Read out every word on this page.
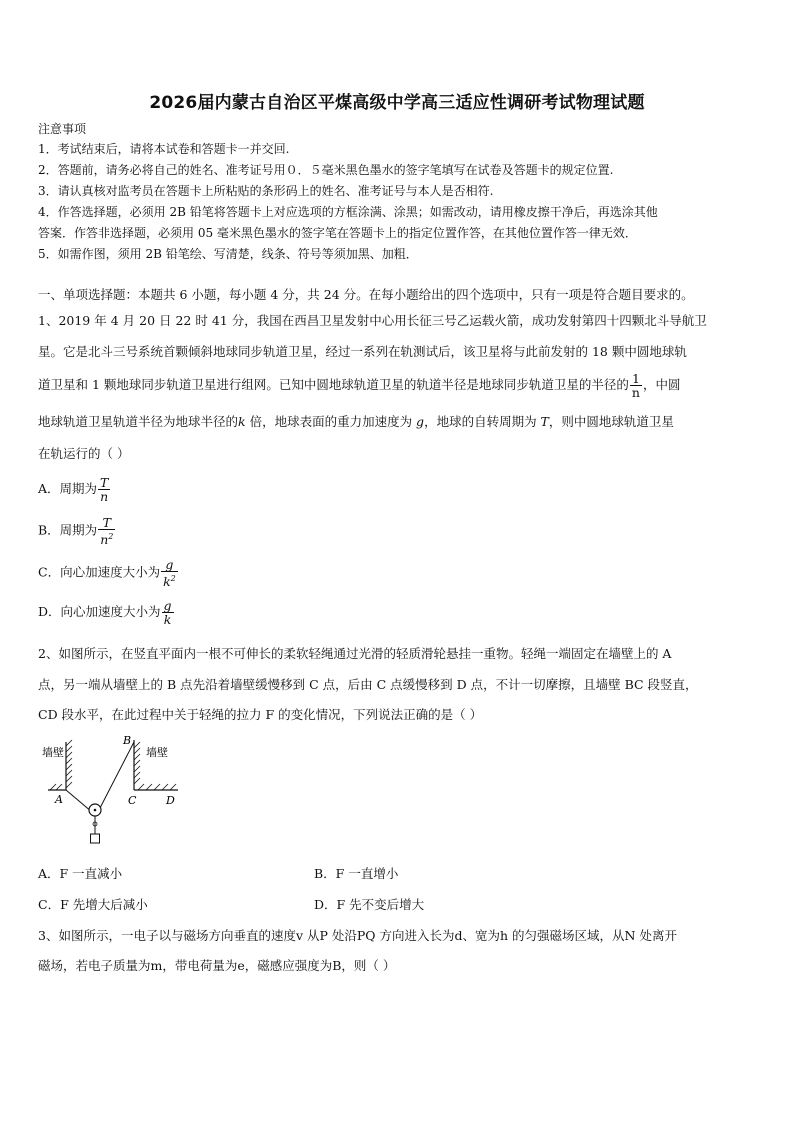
2026届内蒙古自治区平煤高级中学高三适应性调研考试物理试题
注意事项
1．考试结束后，请将本试卷和答题卡一并交回.
2．答题前，请务必将自己的姓名、准考证号用０．５毫米黑色墨水的签字笔填写在试卷及答题卡的规定位置.
3．请认真核对监考员在答题卡上所粘贴的条形码上的姓名、准考证号与本人是否相符.
4．作答选择题，必须用 2B 铅笔将答题卡上对应选项的方框涂满、涂黑；如需改动，请用橡皮擦干净后，再选涂其他
答案．作答非选择题，必须用 05 毫米黑色墨水的签字笔在答题卡上的指定位置作答，在其他位置作答一律无效．
5．如需作图，须用 2B 铅笔绘、写清楚，线条、符号等须加黑、加粗．
一、单项选择题：本题共 6 小题，每小题 4 分，共 24 分。在每小题给出的四个选项中，只有一项是符合题目要求的。
1、2019 年 4 月 20 日 22 时 41 分，我国在西昌卫星发射中心用长征三号乙运载火箭，成功发射第四十四颗北斗导航卫
星。它是北斗三号系统首颗倾斜地球同步轨道卫星，经过一系列在轨测试后，该卫星将与此前发射的 18 颗中圆地球轨
道卫星和 1 颗地球同步轨道卫星进行组网。已知中圆地球轨道卫星的轨道半径是地球同步轨道卫星的半径的 $\frac{1}{n}$ ，中圆
地球轨道卫星轨道半径为地球半径的k 倍，地球表面的重力加速度为 g，地球的自转周期为 T，则中圆地球轨道卫星
在轨运行的（ ）
A．周期为 $\frac{T}{n}$
B．周期为 $\frac{T}{n^2}$
C．向心加速度大小为 $\frac{g}{k^2}$
D．向心加速度大小为 $\frac{g}{k}$
2、如图所示，在竖直平面内一根不可伸长的柔软轻绳通过光滑的轻质滑轮悬挂一重物。轻绳一端固定在墙壁上的 A
点，另一端从墙壁上的 B 点先沿着墙壁缓慢移到 C 点，后由 C 点缓慢移到 D 点，不计一切摩擦，且墙壁 BC 段竖直，
CD 段水平，在此过程中关于轻绳的拉力 F 的变化情况，下列说法正确的是（ ）
墙壁	墙壁
A
B
C	D
A．F 一直减小	B．F 一直增小
C．F 先增大后减小	D．F 先不变后增大
3、如图所示，一电子以与磁场方向垂直的速度v 从P 处沿PQ 方向进入长为d、宽为h 的匀强磁场区域，从N 处离开
磁场，若电子质量为m，带电荷量为e，磁感应强度为B，则（ ）
